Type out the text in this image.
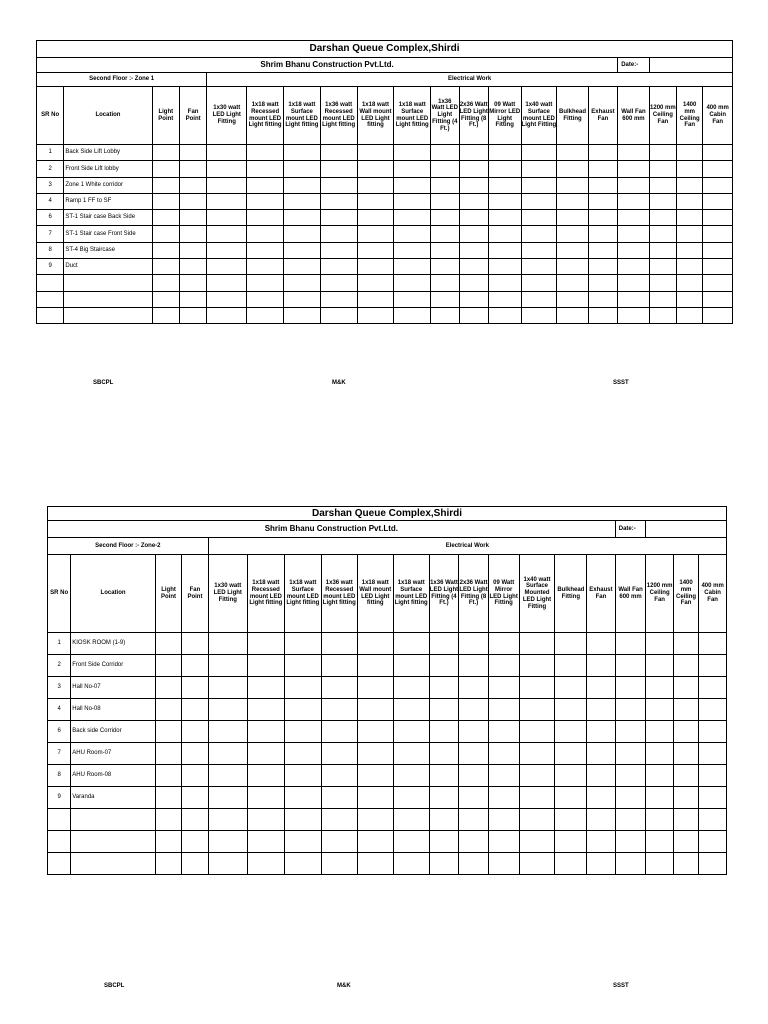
Darshan Queue Complex,Shirdi																			
Shrim Bhanu Construction Pvt.Ltd.																Date:-			
Second Floor :- Zone 1				Electrical Work															
SR No	Location	Light Point	Fan Point	1x30 watt LED Light Fitting	1x18 watt Recessed mount LED Light fitting	1x18 watt Surface mount LED Light fitting	1x36 watt Recessed mount LED Light fitting	1x18 watt Wall mount LED Light fitting	1x18 watt Surface mount LED Light fitting	1x36 Watt LED Light Fitting (4 Ft.)	2x36 Watt LED Light Fitting (8 Ft.)	09 Watt Mirror LED Light Fitting	1x40 watt Surface mount LED Light Fitting	Bulkhead Fitting	Exhaust Fan	Wall Fan 600 mm	1200 mm Ceiling Fan	1400 mm Ceiling Fan	400 mm Cabin Fan
1	Back Side Lift Lobby																		
2	Front Side Lift lobby																		
3	Zone 1 White corridor																		
4	Ramp 1 FF to SF																		
6	ST-1 Stair case Back Side																		
7	ST-1 Stair case Front Side																		
8	ST-4 Big Staircase																		
9	Duct																		

SBCPL	M&K	SSST
Darshan Queue Complex,Shirdi																			
Shrim Bhanu Construction Pvt.Ltd.																Date:-			
Second Floor :- Zone-2				Electrical Work															
SR No	Location	Light Point	Fan Point	1x30 watt LED Light Fitting	1x18 watt Recessed mount LED Light fitting	1x18 watt Surface mount LED Light fitting	1x36 watt Recessed mount LED Light fitting	1x18 watt Wall mount LED Light fitting	1x18 watt Surface mount LED Light fitting	1x36 Watt LED Light Fitting (4 Ft.)	2x36 Watt LED Light Fitting (8 Ft.)	09 Watt Mirror LED Light Fitting	1x40 watt Surface Mounted LED Light Fitting	Bulkhead Fitting	Exhaust Fan	Wall Fan 600 mm	1200 mm Ceiling Fan	1400 mm Ceiling Fan	400 mm Cabin Fan
1	KIOSK ROOM (1-9)																		
2	Front Side Corridor																		
3	Hall No-07																		
4	Hall No-08																		
6	Back side Corridor																		
7	AHU Room-07																		
8	AHU Room-08																		
9	Varanda																		

SBCPL	M&K	SSST
